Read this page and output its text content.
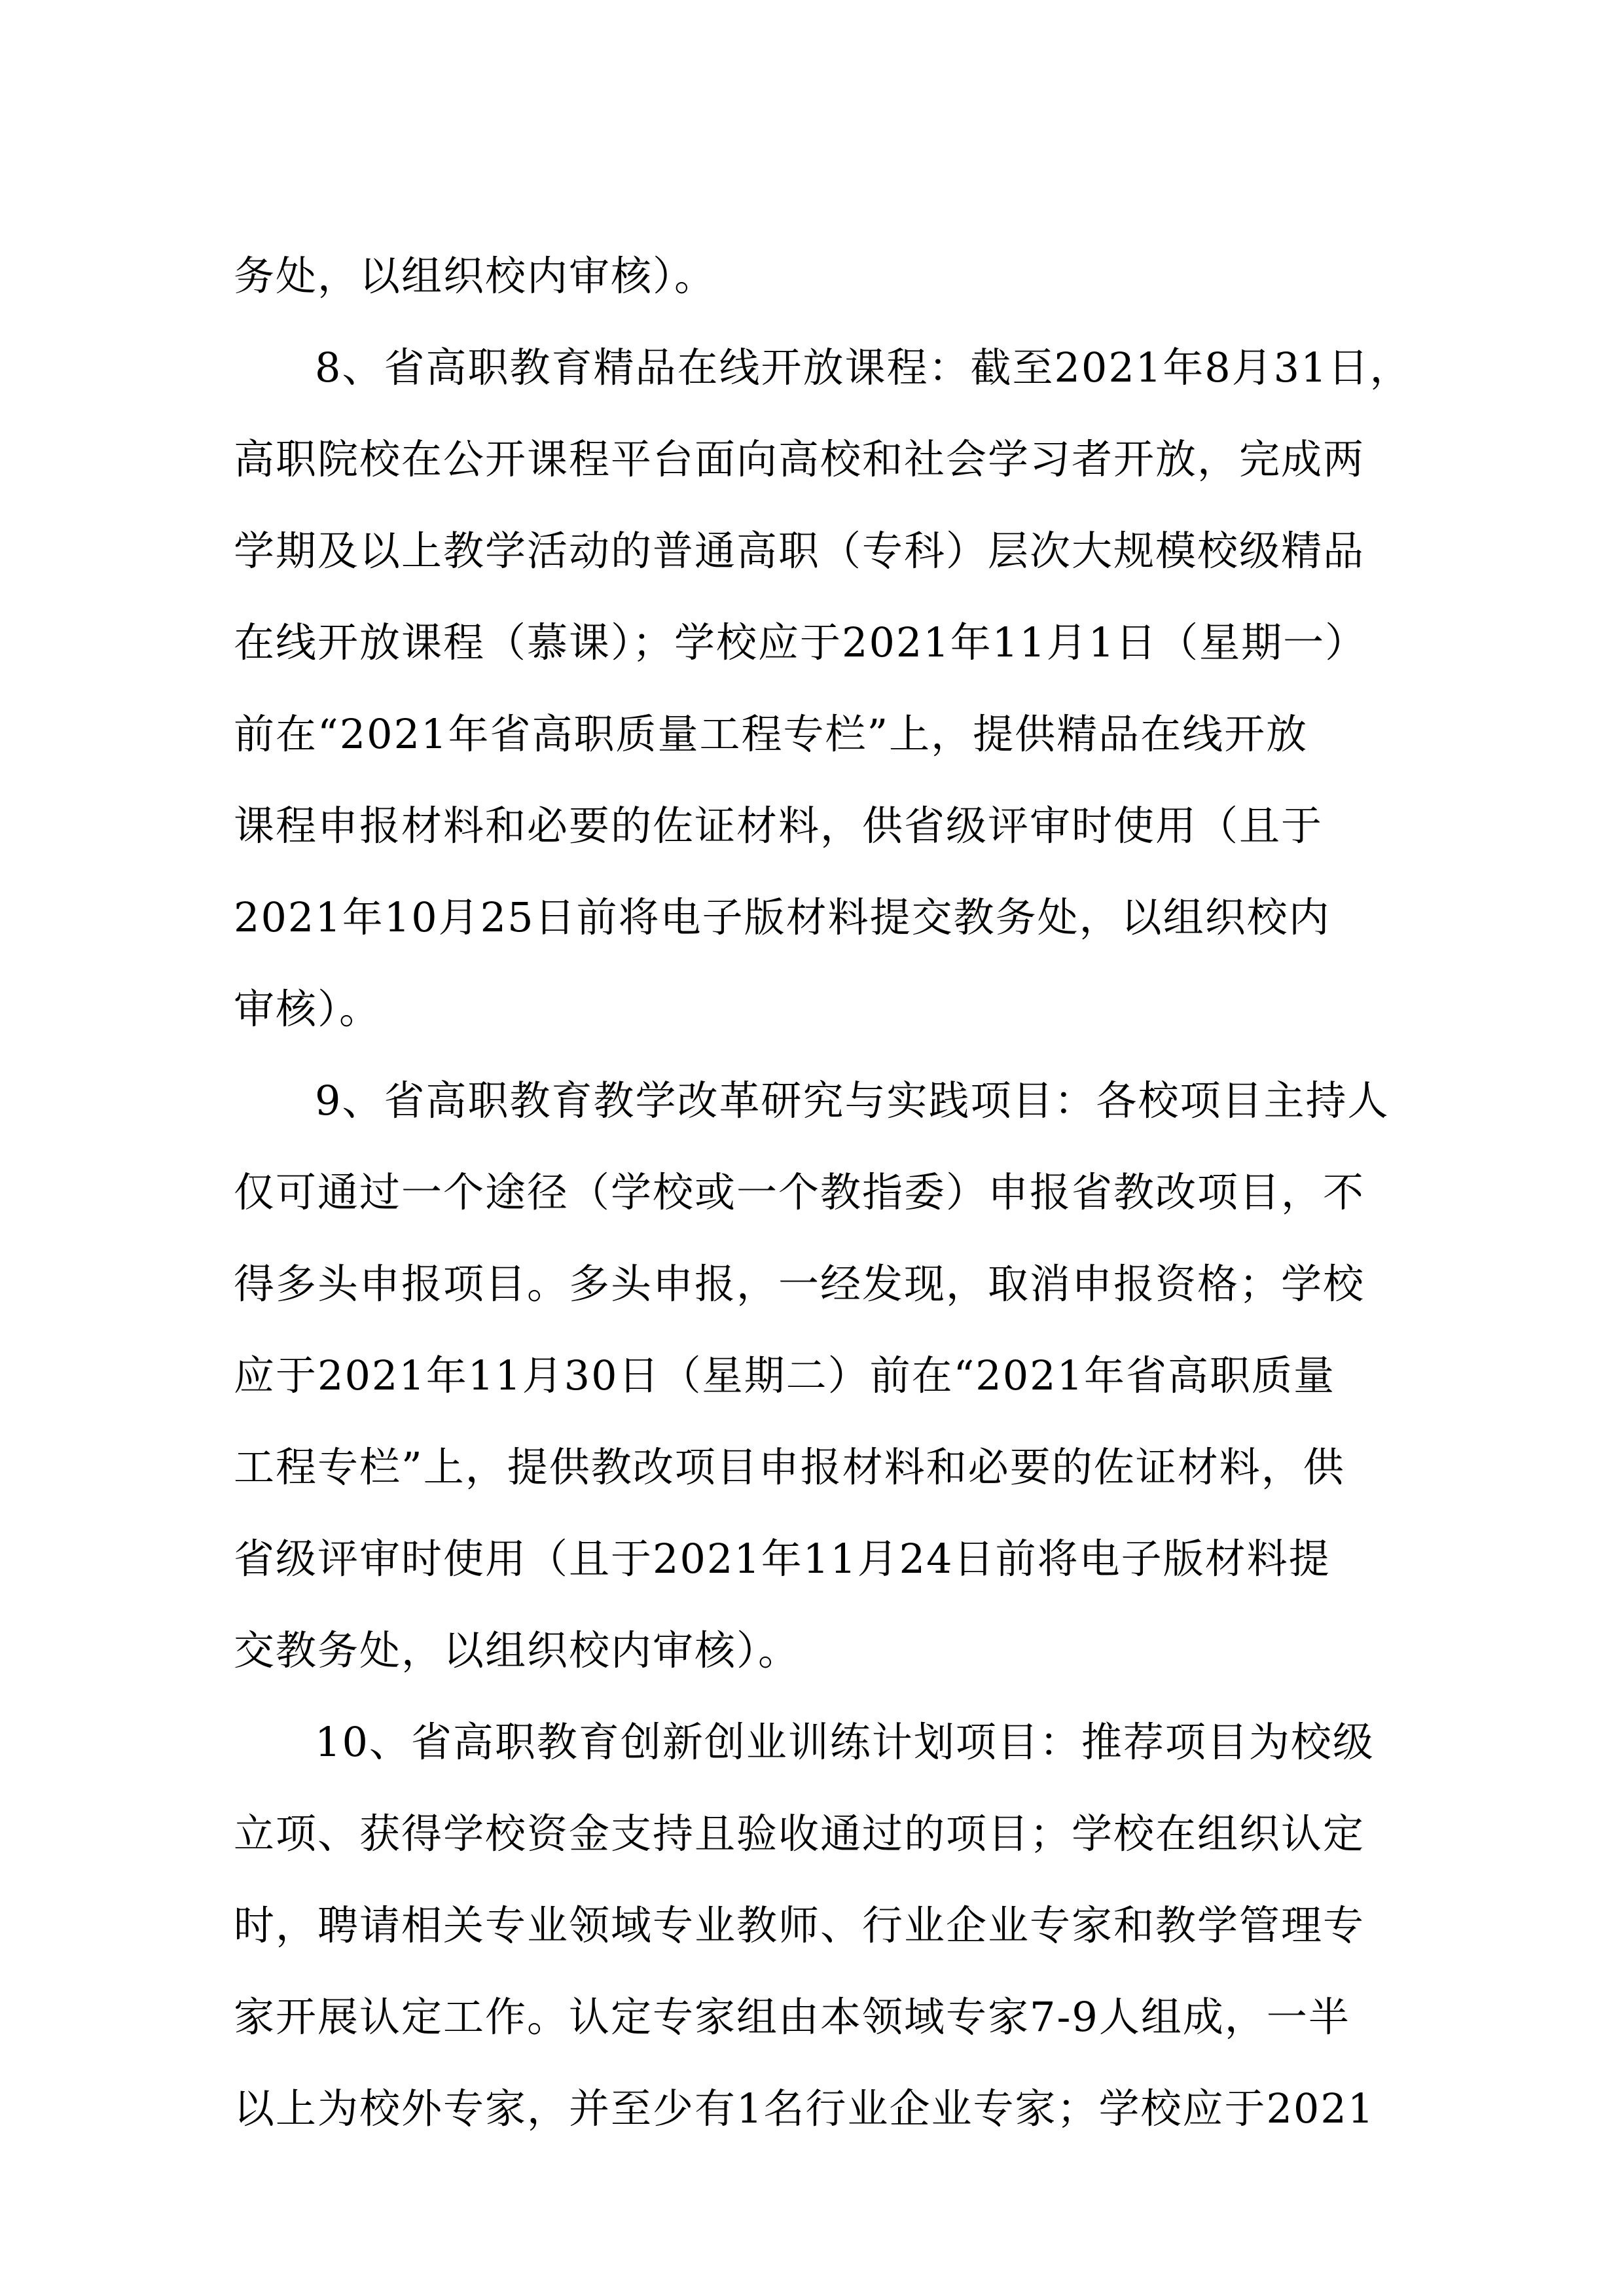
务处，以组织校内审核）。
8、省高职教育精品在线开放课程：截至2021年8月31日，
高职院校在公开课程平台面向高校和社会学习者开放，完成两
学期及以上教学活动的普通高职（专科）层次大规模校级精品
在线开放课程（慕课）；学校应于2021年11月1日（星期一）
前在“2021年省高职质量工程专栏”上，提供精品在线开放
课程申报材料和必要的佐证材料，供省级评审时使用（且于
2021年10月25日前将电子版材料提交教务处，以组织校内
审核）。
9、省高职教育教学改革研究与实践项目：各校项目主持人
仅可通过一个途径（学校或一个教指委）申报省教改项目，不
得多头申报项目。多头申报，一经发现，取消申报资格；学校
应于2021年11月30日（星期二）前在“2021年省高职质量
工程专栏”上，提供教改项目申报材料和必要的佐证材料，供
省级评审时使用（且于2021年11月24日前将电子版材料提
交教务处，以组织校内审核）。
10、省高职教育创新创业训练计划项目：推荐项目为校级
立项、获得学校资金支持且验收通过的项目；学校在组织认定
时，聘请相关专业领域专业教师、行业企业专家和教学管理专
家开展认定工作。认定专家组由本领域专家7-9人组成，一半
以上为校外专家，并至少有1名行业企业专家；学校应于2021
